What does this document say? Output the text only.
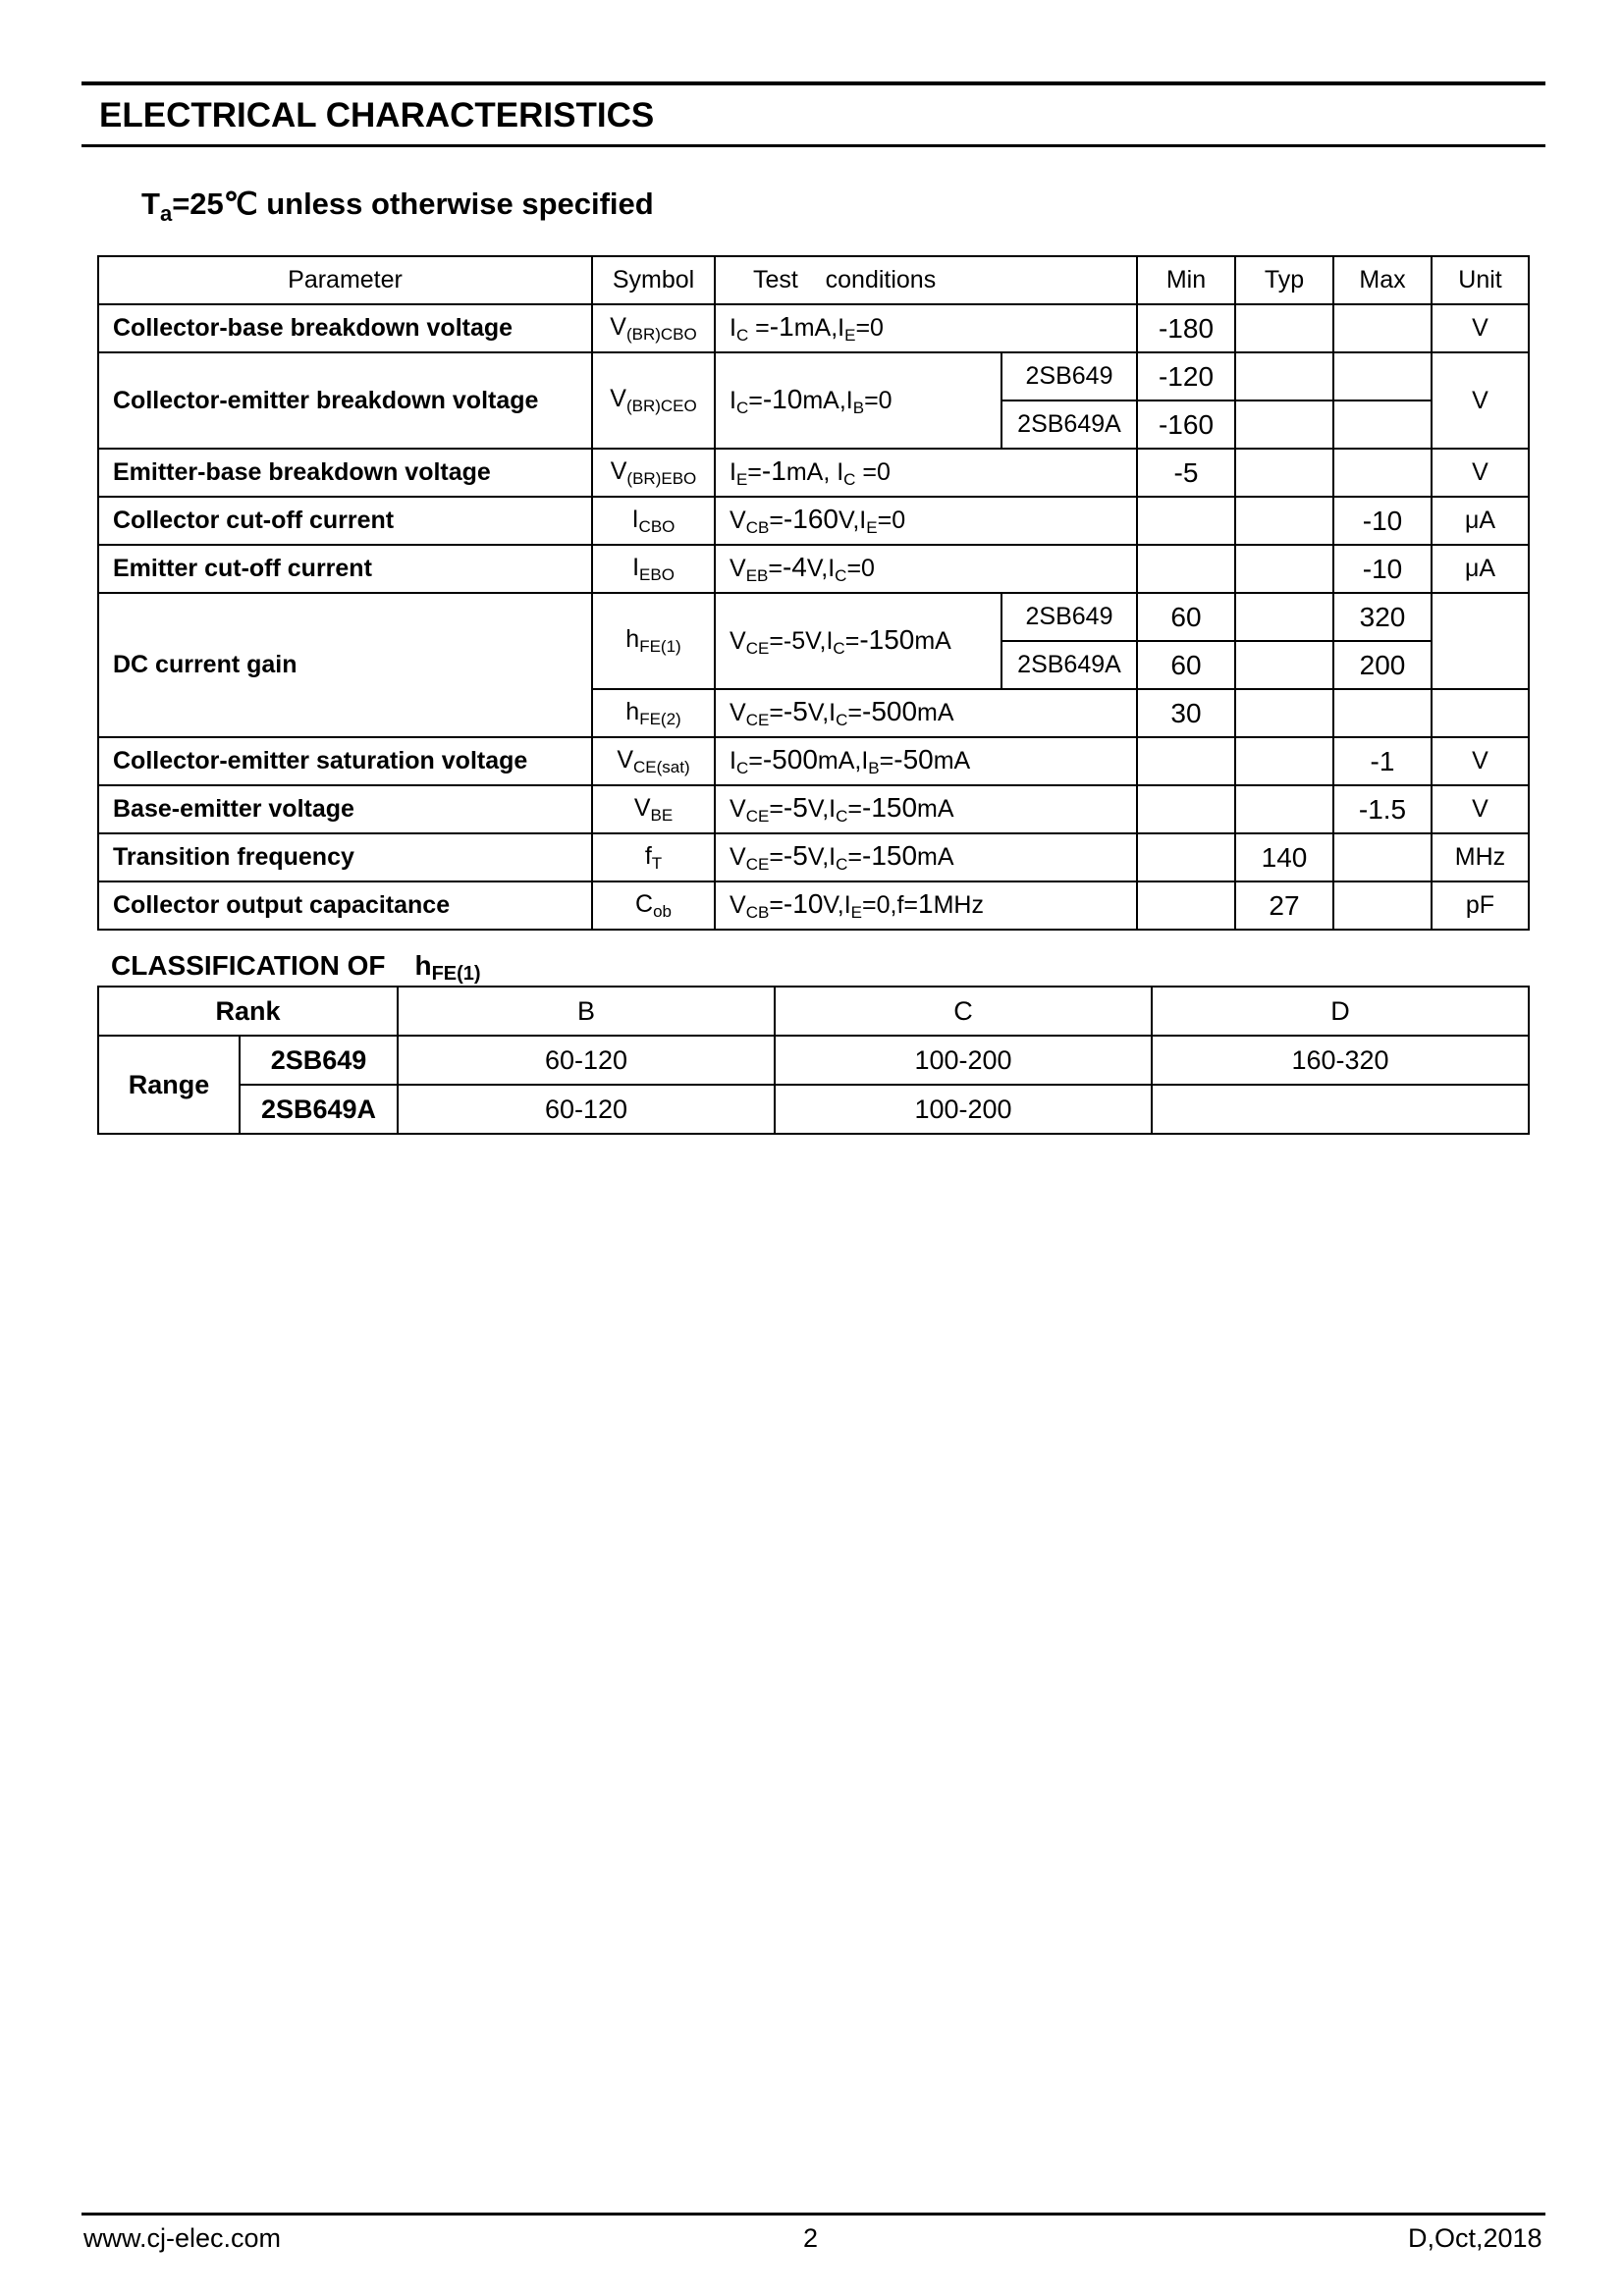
ELECTRICAL CHARACTERISTICS
$T_a=25℃$ unless otherwise specified
Parameter	Symbol	Test    conditions		Min	Typ	Max	Unit
Collector-base breakdown voltage	$V_{(BR)CBO}$	$I_C =-1mA,I_E=0$		-180			V
Collector-emitter breakdown voltage	$V_{(BR)CEO}$	$I_C=-10mA,I_B=0$	2SB649	-120			V
			2SB649A	-160			
Emitter-base breakdown voltage	$V_{(BR)EBO}$	$I_E=-1mA$, $I_C =0$		-5			V
Collector cut-off current	$I_{CBO}$	$V_{CB}=-160V,I_E=0$				-10	μA
Emitter cut-off current	$I_{EBO}$	$V_{EB}=-4V,I_C=0$				-10	μA
DC current gain	$h_{FE(1)}$	$V_{CE}=-5V,I_C=-150mA$	2SB649	60		320	
			2SB649A	60		200	
	$h_{FE(2)}$	$V_{CE}=-5V,I_C=-500mA$		30			
Collector-emitter saturation voltage	$V_{CE(sat)}$	$I_C=-500mA,I_B=-50mA$				-1	V
Base-emitter voltage	$V_{BE}$	$V_{CE}=-5V,I_C=-150mA$				-1.5	V
Transition frequency	$f_T$	$V_{CE}=-5V,I_C=-150mA$			140		MHz
Collector output capacitance	$C_{ob}$	$V_{CB}=-10V,I_E=0,f=1MHz$			27		pF
CLASSIFICATION OF hFE(1)
Rank		B	C	D
Range	2SB649	60-120	100-200	160-320
	2SB649A	60-120	100-200	
www.cj-elec.com	2	D,Oct,2018
